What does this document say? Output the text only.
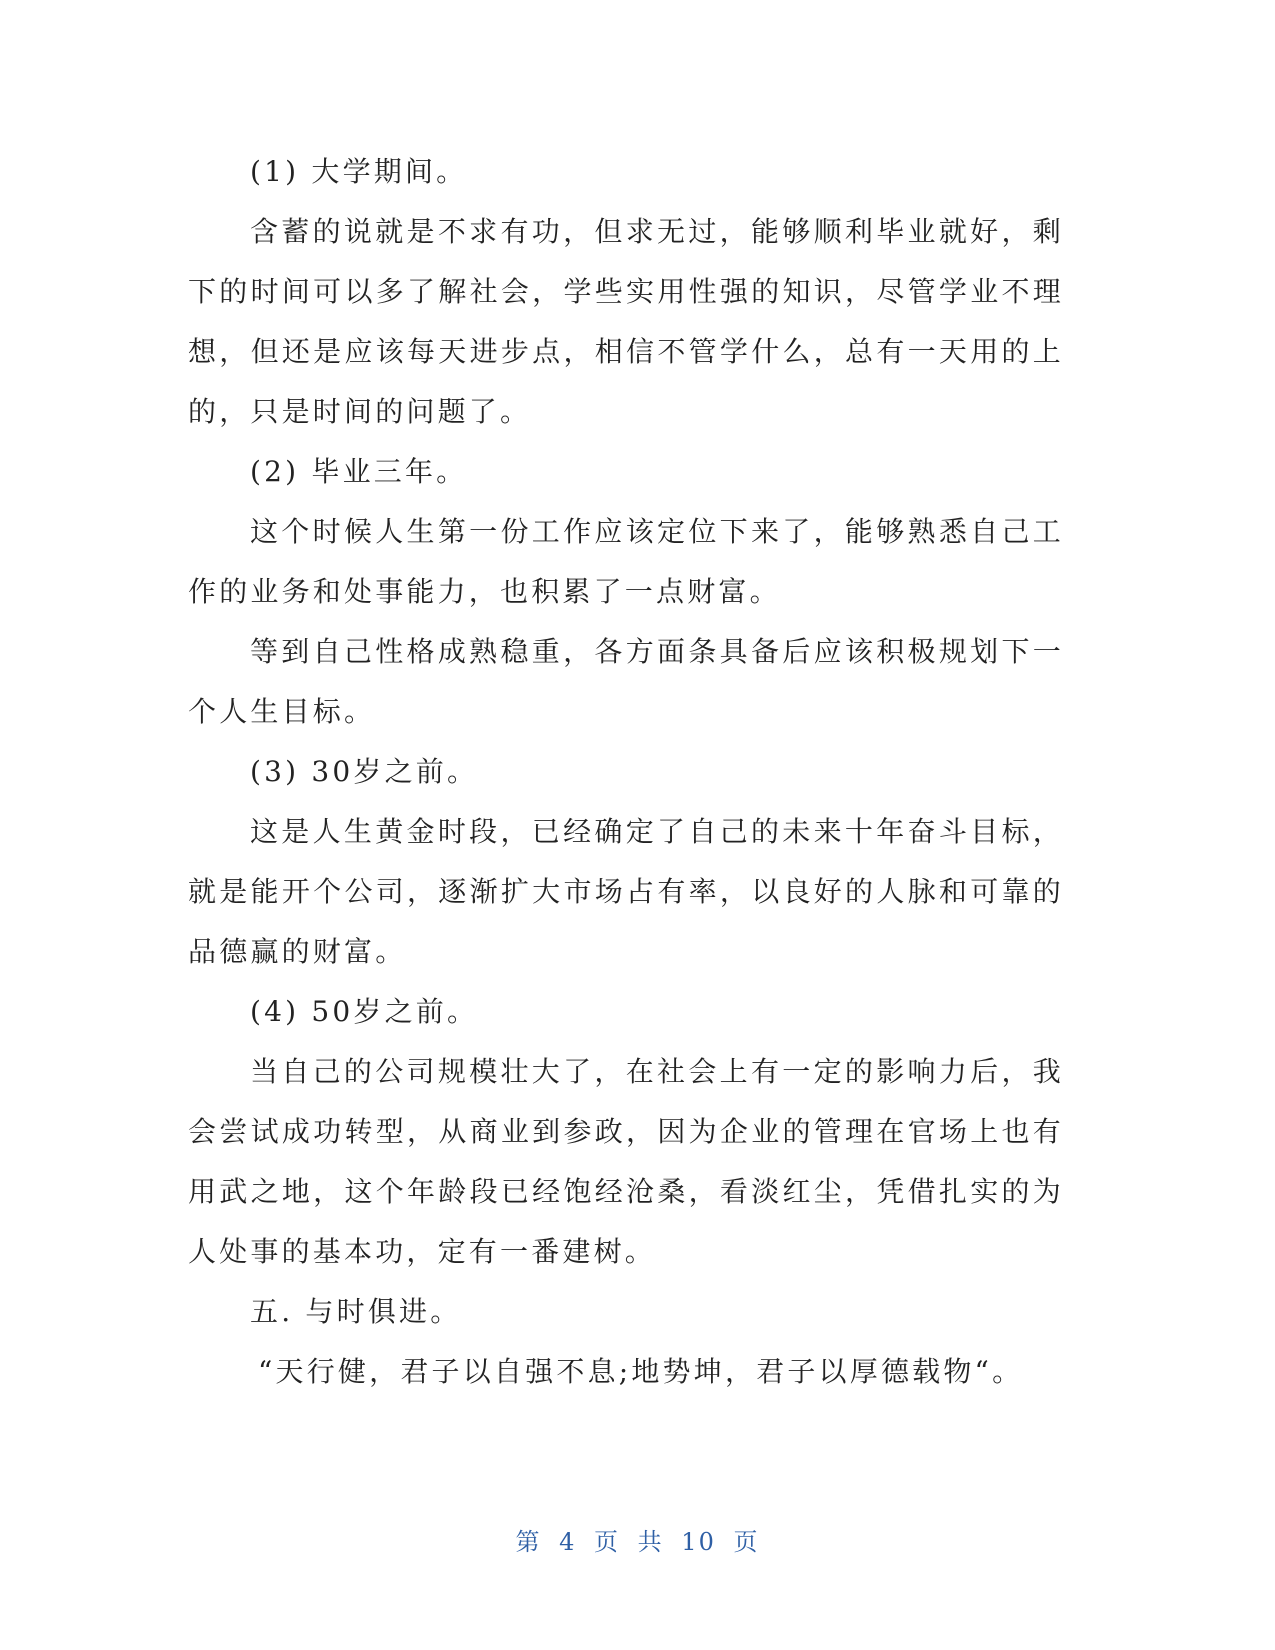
(1) 大学期间。

含蓄的说就是不求有功，但求无过，能够顺利毕业就好，剩下的时间可以多了解社会，学些实用性强的知识，尽管学业不理想，但还是应该每天进步点，相信不管学什么，总有一天用的上的，只是时间的问题了。

(2) 毕业三年。

这个时候人生第一份工作应该定位下来了，能够熟悉自己工作的业务和处事能力，也积累了一点财富。

等到自己性格成熟稳重，各方面条具备后应该积极规划下一个人生目标。

(3) 30岁之前。

这是人生黄金时段，已经确定了自己的未来十年奋斗目标，就是能开个公司，逐渐扩大市场占有率，以良好的人脉和可靠的品德赢的财富。

(4) 50岁之前。

当自己的公司规模壮大了，在社会上有一定的影响力后，我会尝试成功转型，从商业到参政，因为企业的管理在官场上也有用武之地，这个年龄段已经饱经沧桑，看淡红尘，凭借扎实的为人处事的基本功，定有一番建树。

五. 与时俱进。

“天行健，君子以自强不息;地势坤，君子以厚德载物“。

第 4 页 共 10 页
